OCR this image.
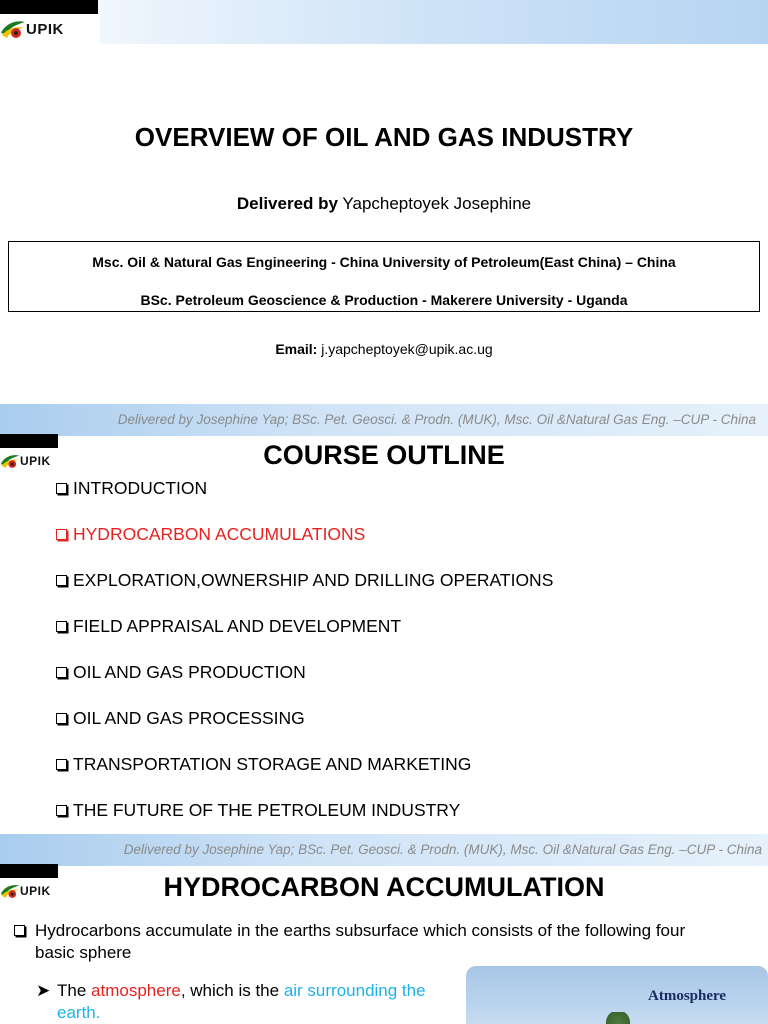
UPIK
OVERVIEW OF OIL AND GAS INDUSTRY
Delivered by Yapcheptoyek Josephine
Msc. Oil & Natural Gas Engineering - China University of Petroleum(East China) – China
BSc. Petroleum Geoscience & Production - Makerere University - Uganda
Email: j.yapcheptoyek@upik.ac.ug
Delivered by Josephine Yap; BSc. Pet. Geosci. & Prodn. (MUK), Msc. Oil &Natural Gas Eng. –CUP - China
UPIK	COURSE OUTLINE
INTRODUCTION
HYDROCARBON ACCUMULATIONS
EXPLORATION,OWNERSHIP AND DRILLING OPERATIONS
FIELD APPRAISAL AND DEVELOPMENT
OIL AND GAS PRODUCTION
OIL AND GAS PROCESSING
TRANSPORTATION STORAGE AND MARKETING
THE FUTURE OF THE PETROLEUM INDUSTRY
Delivered by Josephine Yap; BSc. Pet. Geosci. & Prodn. (MUK), Msc. Oil &Natural Gas Eng. –CUP - China
UPIK	HYDROCARBON ACCUMULATION
Hydrocarbons accumulate in the earths subsurface which consists of the following four basic sphere
➤ The atmosphere, which is the air surrounding the earth.
Atmosphere
